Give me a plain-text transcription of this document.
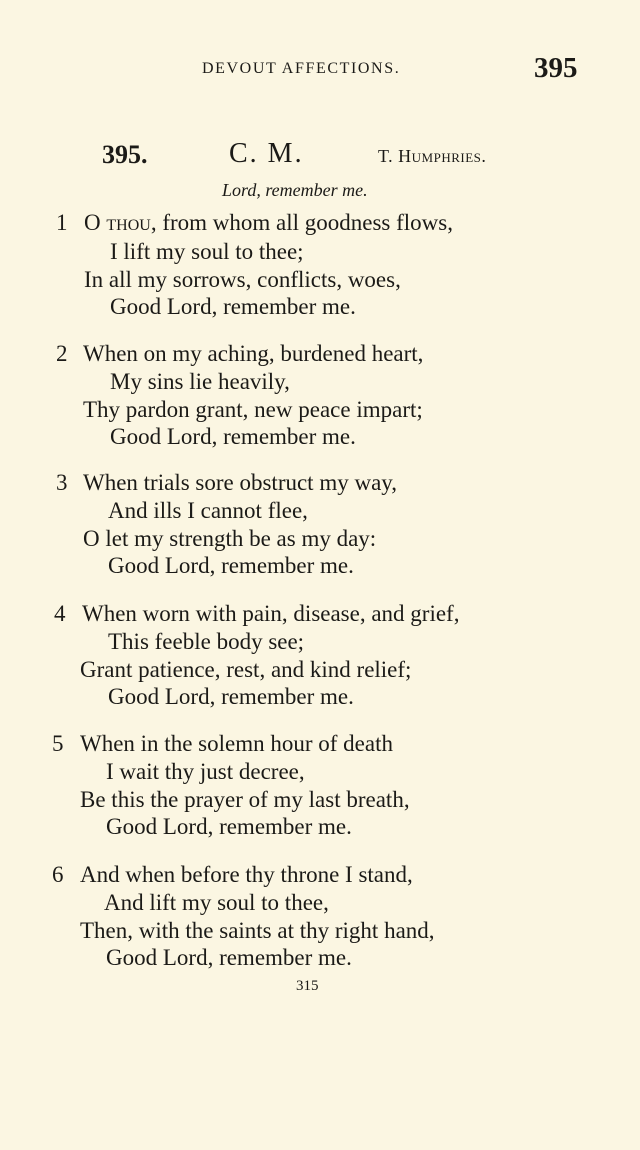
DEVOUT AFFECTIONS.	395
395.	C. M.	T. Humphries.
Lord, remember me.
1 O thou, from whom all goodness flows,
I lift my soul to thee;
In all my sorrows, conflicts, woes,
Good Lord, remember me.
2 When on my aching, burdened heart,
My sins lie heavily,
Thy pardon grant, new peace impart;
Good Lord, remember me.
3 When trials sore obstruct my way,
And ills I cannot flee,
O let my strength be as my day:
Good Lord, remember me.
4 When worn with pain, disease, and grief,
This feeble body see;
Grant patience, rest, and kind relief;
Good Lord, remember me.
5 When in the solemn hour of death
I wait thy just decree,
Be this the prayer of my last breath,
Good Lord, remember me.
6 And when before thy throne I stand,
And lift my soul to thee,
Then, with the saints at thy right hand,
Good Lord, remember me.
315
